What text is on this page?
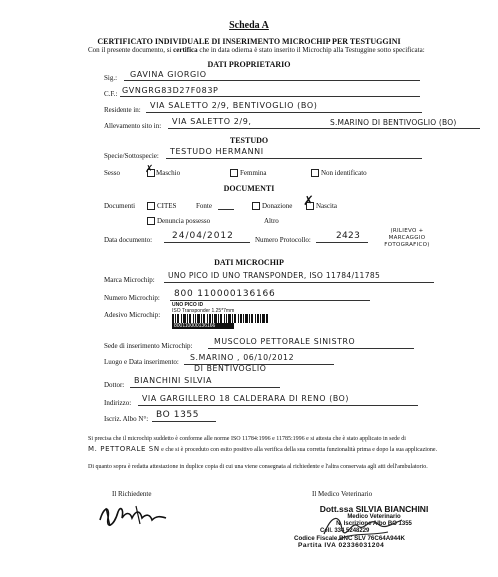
Scheda A
CERTIFICATO INDIVIDUALE DI INSERIMENTO MICROCHIP PER TESTUGGINI
Con il presente documento, si certifica che in data odierna è stato inserito il Microchip alla Testuggine sotto specificata:
DATI PROPRIETARIO
Sig.: GAVINA GIORGIO
C.F.: GVNGRG83D27F083P
Residente in: VIA SALETTO 2/9, BENTIVOGLIO (BO)
Allevamento sito in: VIA SALETTO 2/9,	S.MARINO DI BENTIVOGLIO (BO)
TESTUDO
Specie/Sottospecie: TESTUDO HERMANNI
Sesso	✗ Maschio	Femmina	Non identificato
DOCUMENTI
Documenti	CITES	Fonte	Donazione ✗ Nascita
Denuncia possesso	Altro
Data documento: 24/04/2012	Numero Protocollo:	2423	(RILIEVO + MARCAGGIO FOTOGRAFICO)
DATI MICROCHIP
Marca Microchip: UNO PICO ID UNO TRANSPONDER, ISO 11784/11785
Numero Microchip: 800 110000136166
Adesivo Microchip:
UNO PICO ID
ISO Transponder 1.25*7mm
800110000136166
Sede di inserimento Microchip:	MUSCOLO PETTORALE SINISTRO
Luogo e Data inserimento: S.MARINO , 06/10/2012
DI BENTIVOGLIO
Dottor: BIANCHINI SILVIA
Indirizzo: VIA GARGILLERO 18 CALDERARA DI RENO (BO)
Iscriz. Albo N°: BO 1355
Si precisa che il microchip suddetto è conforme alle norme ISO 11784:1996 e 11785:1996 e si attesta che è stato applicato in sede di
M. PETTORALE SN e che si è proceduto con esito positivo alla verifica della sua corretta funzionalità prima e dopo la sua applicazione.
Di quanto sopra è redatta attestazione in duplice copia di cui una viene consegnata al richiedente e l'altra conservata agli atti dell'ambulatorio.
Il Richiedente	Il Medico Veterinario
Dott.ssa SILVIA BIANCHINI
Medico Veterinario
N. Iscrizione Albo BO 1355
Cell. 334 5248229
Codice Fiscale BNC SLV 76C64A944K
Partita IVA 02336031204
